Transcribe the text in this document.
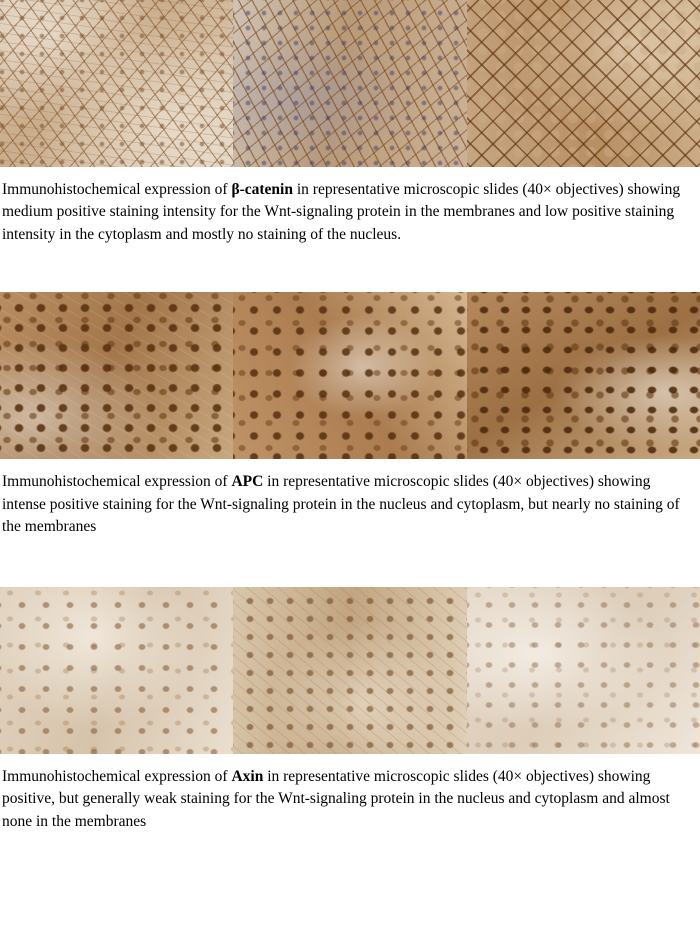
Immunohistochemical expression of β-catenin in representative microscopic slides (40× objectives) showing medium positive staining intensity for the Wnt-signaling protein in the membranes and low positive staining intensity in the cytoplasm and mostly no staining of the nucleus.
Immunohistochemical expression of APC in representative microscopic slides (40× objectives) showing intense positive staining for the Wnt-signaling protein in the nucleus and cytoplasm, but nearly no staining of the membranes
Immunohistochemical expression of Axin in representative microscopic slides (40× objectives) showing positive, but generally weak staining for the Wnt-signaling protein in the nucleus and cytoplasm and almost none in the membranes
